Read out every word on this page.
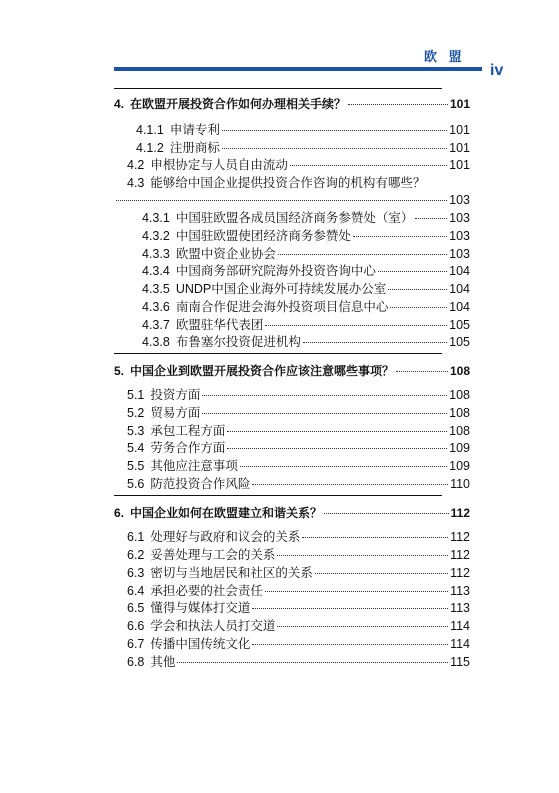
欧 盟
iv
4. 在欧盟开展投资合作如何办理相关手续？	101
4.1.1 申请专利	101
4.1.2 注册商标	101
4.2 申根协定与人员自由流动	101
4.3 能够给中国企业提供投资合作咨询的机构有哪些？
103
4.3.1 中国驻欧盟各成员国经济商务参赞处（室）	103
4.3.2 中国驻欧盟使团经济商务参赞处	103
4.3.3 欧盟中资企业协会	103
4.3.4 中国商务部研究院海外投资咨询中心	104
4.3.5 UNDP中国企业海外可持续发展办公室	104
4.3.6 南南合作促进会海外投资项目信息中心	104
4.3.7 欧盟驻华代表团	105
4.3.8 布鲁塞尔投资促进机构	105
5. 中国企业到欧盟开展投资合作应该注意哪些事项？	108
5.1 投资方面	108
5.2 贸易方面	108
5.3 承包工程方面	108
5.4 劳务合作方面	109
5.5 其他应注意事项	109
5.6 防范投资合作风险	110
6. 中国企业如何在欧盟建立和谐关系？	112
6.1 处理好与政府和议会的关系	112
6.2 妥善处理与工会的关系	112
6.3 密切与当地居民和社区的关系	112
6.4 承担必要的社会责任	113
6.5 懂得与媒体打交道	113
6.6 学会和执法人员打交道	114
6.7 传播中国传统文化	114
6.8 其他	115
